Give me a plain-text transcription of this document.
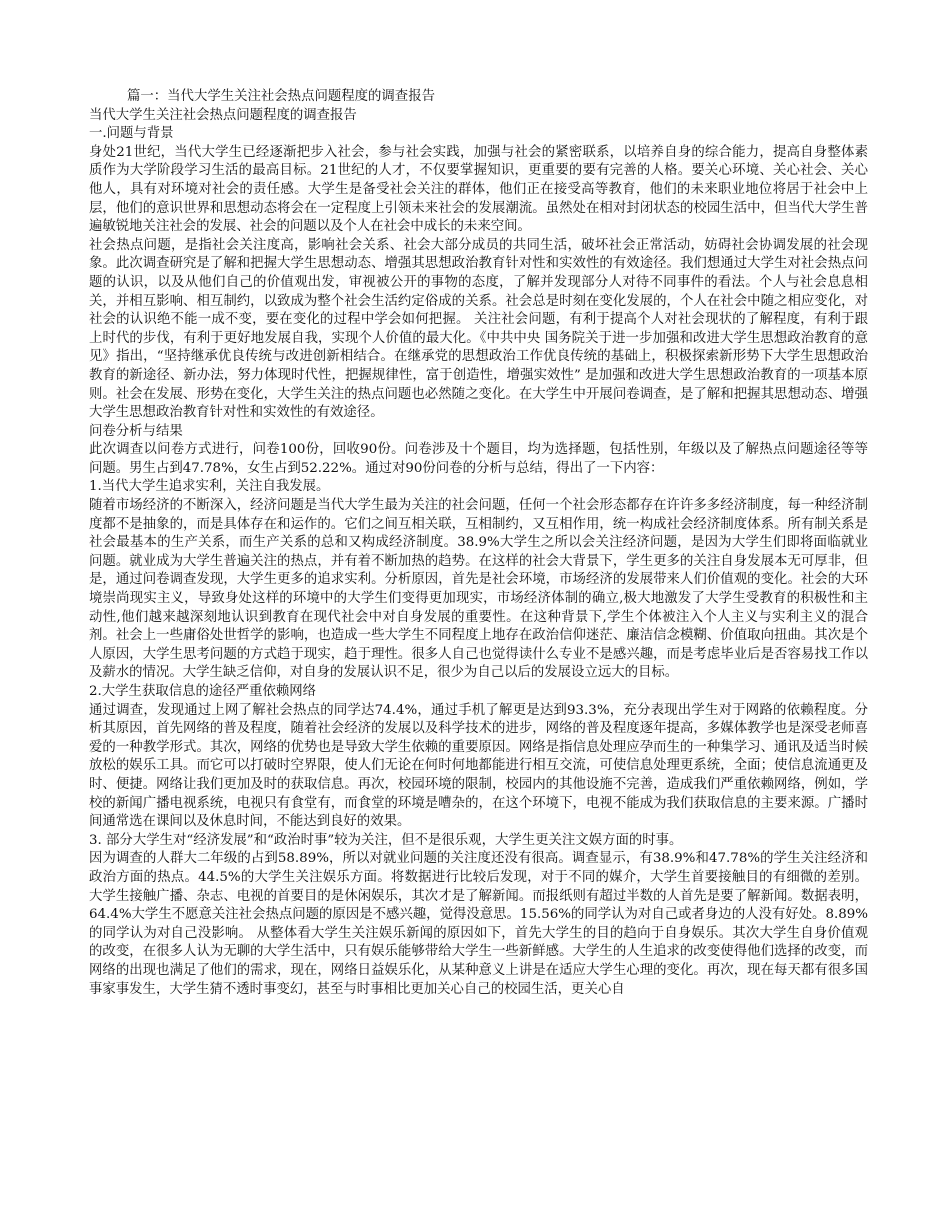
篇一：当代大学生关注社会热点问题程度的调查报告
当代大学生关注社会热点问题程度的调查报告
一.问题与背景

身处21世纪，当代大学生已经逐渐把步入社会，参与社会实践，加强与社会的紧密联系，以培养自身的综合能力，提高自身整体素质作为大学阶段学习生活的最高目标。21世纪的人才，不仅要掌握知识，更重要的要有完善的人格。要关心环境、关心社会、关心他人，具有对环境对社会的责任感。大学生是备受社会关注的群体，他们正在接受高等教育，他们的未来职业地位将居于社会中上层，他们的意识世界和思想动态将会在一定程度上引领未来社会的发展潮流。虽然处在相对封闭状态的校园生活中，但当代大学生普遍敏锐地关注社会的发展、社会的问题以及个人在社会中成长的未来空间。

社会热点问题，是指社会关注度高，影响社会关系、社会大部分成员的共同生活，破坏社会正常活动，妨碍社会协调发展的社会现象。此次调查研究是了解和把握大学生思想动态、增强其思想政治教育针对性和实效性的有效途径。我们想通过大学生对社会热点问题的认识，以及从他们自己的价值观出发，审视被公开的事物的态度，了解并发现部分人对待不同事件的看法。个人与社会息息相关，并相互影响、相互制约，以致成为整个社会生活约定俗成的关系。社会总是时刻在变化发展的，个人在社会中随之相应变化，对社会的认识绝不能一成不变，要在变化的过程中学会如何把握。 关注社会问题，有利于提高个人对社会现状的了解程度，有利于跟上时代的步伐，有利于更好地发展自我，实现个人价值的最大化。《中共中央 国务院关于进一步加强和改进大学生思想政治教育的意见》指出，“坚持继承优良传统与改进创新相结合。在继承党的思想政治工作优良传统的基础上，积极探索新形势下大学生思想政治教育的新途径、新办法，努力体现时代性，把握规律性，富于创造性，增强实效性” 是加强和改进大学生思想政治教育的一项基本原则。社会在发展、形势在变化，大学生关注的热点问题也必然随之变化。在大学生中开展问卷调查，是了解和把握其思想动态、增强大学生思想政治教育针对性和实效性的有效途径。

问卷分析与结果

此次调查以问卷方式进行，问卷100份，回收90份。问卷涉及十个题目，均为选择题，包括性别，年级以及了解热点问题途径等等问题。男生占到47.78%，女生占到52.22%。通过对90份问卷的分析与总结，得出了一下内容：

1.当代大学生追求实利，关注自我发展。

随着市场经济的不断深入，经济问题是当代大学生最为关注的社会问题，任何一个社会形态都存在许许多多经济制度，每一种经济制度都不是抽象的，而是具体存在和运作的。它们之间互相关联，互相制约，又互相作用，统一构成社会经济制度体系。所有制关系是社会最基本的生产关系，而生产关系的总和又构成经济制度。38.9%大学生之所以会关注经济问题，是因为大学生们即将面临就业问题。就业成为大学生普遍关注的热点，并有着不断加热的趋势。在这样的社会大背景下，学生更多的关注自身发展本无可厚非，但是，通过问卷调查发现，大学生更多的追求实利。分析原因，首先是社会环境，市场经济的发展带来人们价值观的变化。社会的大环境崇尚现实主义，导致身处这样的环境中的大学生们变得更加现实，市场经济体制的确立,极大地激发了大学生受教育的积极性和主动性,他们越来越深刻地认识到教育在现代社会中对自身发展的重要性。在这种背景下,学生个体被注入个人主义与实利主义的混合剂。社会上一些庸俗处世哲学的影响，也造成一些大学生不同程度上地存在政治信仰迷茫、廉洁信念模糊、价值取向扭曲。其次是个人原因，大学生思考问题的方式趋于现实，趋于理性。很多人自己也觉得读什么专业不是感兴趣，而是考虑毕业后是否容易找工作以及薪水的情况。大学生缺乏信仰，对自身的发展认识不足，很少为自己以后的发展设立远大的目标。

2.大学生获取信息的途径严重依赖网络

通过调查，发现通过上网了解社会热点的同学达74.4%，通过手机了解更是达到93.3%，充分表现出学生对于网路的依赖程度。分析其原因，首先网络的普及程度，随着社会经济的发展以及科学技术的进步，网络的普及程度逐年提高，多媒体教学也是深受老师喜爱的一种教学形式。其次，网络的优势也是导致大学生依赖的重要原因。网络是指信息处理应孕而生的一种集学习、通讯及适当时候放松的娱乐工具。而它可以打破时空界限，使人们无论在何时何地都能进行相互交流，可使信息处理更系统，全面；使信息流通更及时、便捷。网络让我们更加及时的获取信息。再次，校园环境的限制，校园内的其他设施不完善，造成我们严重依赖网络，例如，学校的新闻广播电视系统，电视只有食堂有，而食堂的环境是嘈杂的，在这个环境下，电视不能成为我们获取信息的主要来源。广播时间通常选在课间以及休息时间，不能达到良好的效果。

3. 部分大学生对“经济发展”和“政治时事”较为关注，但不是很乐观，大学生更关注文娱方面的时事。

因为调查的人群大二年级的占到58.89%，所以对就业问题的关注度还没有很高。调查显示，有38.9%和47.78%的学生关注经济和政治方面的热点。44.5%的大学生关注娱乐方面。将数据进行比较后发现，对于不同的媒介，大学生首要接触目的有细微的差别。大学生接触广播、杂志、电视的首要目的是休闲娱乐，其次才是了解新闻。而报纸则有超过半数的人首先是要了解新闻。数据表明，64.4%大学生不愿意关注社会热点问题的原因是不感兴趣，觉得没意思。15.56%的同学认为对自己或者身边的人没有好处。8.89%的同学认为对自己没影响。 从整体看大学生关注娱乐新闻的原因如下，首先大学生的目的趋向于自身娱乐。其次大学生自身价值观的改变，在很多人认为无聊的大学生活中，只有娱乐能够带给大学生一些新鲜感。大学生的人生追求的改变使得他们选择的改变，而网络的出现也满足了他们的需求，现在，网络日益娱乐化，从某种意义上讲是在适应大学生心理的变化。再次，现在每天都有很多国事家事发生，大学生猜不透时事变幻，甚至与时事相比更加关心自己的校园生活，更关心自
